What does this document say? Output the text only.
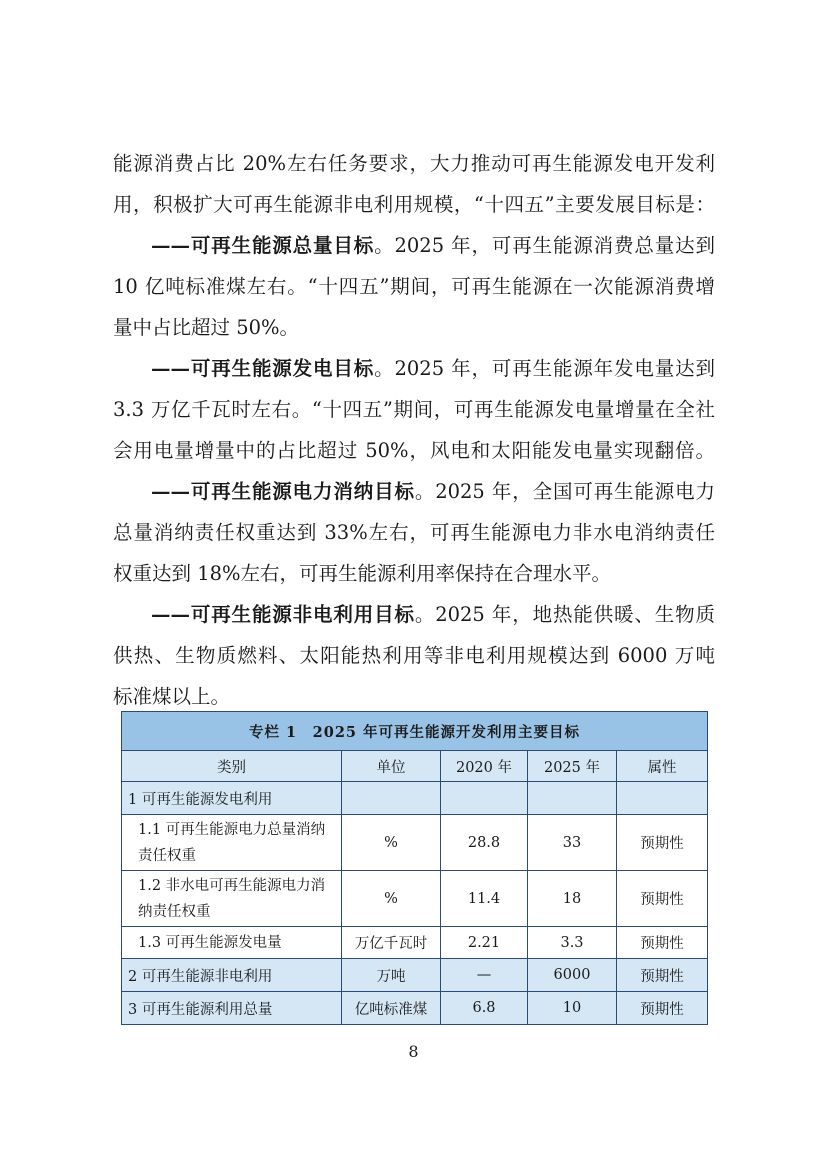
能源消费占比 20%左右任务要求，大力推动可再生能源发电开发利
用，积极扩大可再生能源非电利用规模，“十四五”主要发展目标是：
——可再生能源总量目标。2025 年，可再生能源消费总量达到
10 亿吨标准煤左右。“十四五”期间，可再生能源在一次能源消费增
量中占比超过 50%。
——可再生能源发电目标。2025 年，可再生能源年发电量达到
3.3 万亿千瓦时左右。“十四五”期间，可再生能源发电量增量在全社
会用电量增量中的占比超过 50%，风电和太阳能发电量实现翻倍。
——可再生能源电力消纳目标。2025 年，全国可再生能源电力
总量消纳责任权重达到 33%左右，可再生能源电力非水电消纳责任
权重达到 18%左右，可再生能源利用率保持在合理水平。
——可再生能源非电利用目标。2025 年，地热能供暖、生物质
供热、生物质燃料、太阳能热利用等非电利用规模达到 6000 万吨
标准煤以上。
专栏 1　2025 年可再生能源开发利用主要目标				
类别	单位	2020 年	2025 年	属性
1 可再生能源发电利用				
1.1 可再生能源电力总量消纳责任权重	%	28.8	33	预期性
1.2 非水电可再生能源电力消纳责任权重	%	11.4	18	预期性
1.3 可再生能源发电量	万亿千瓦时	2.21	3.3	预期性
2 可再生能源非电利用	万吨	—	6000	预期性
3 可再生能源利用总量	亿吨标准煤	6.8	10	预期性
8
